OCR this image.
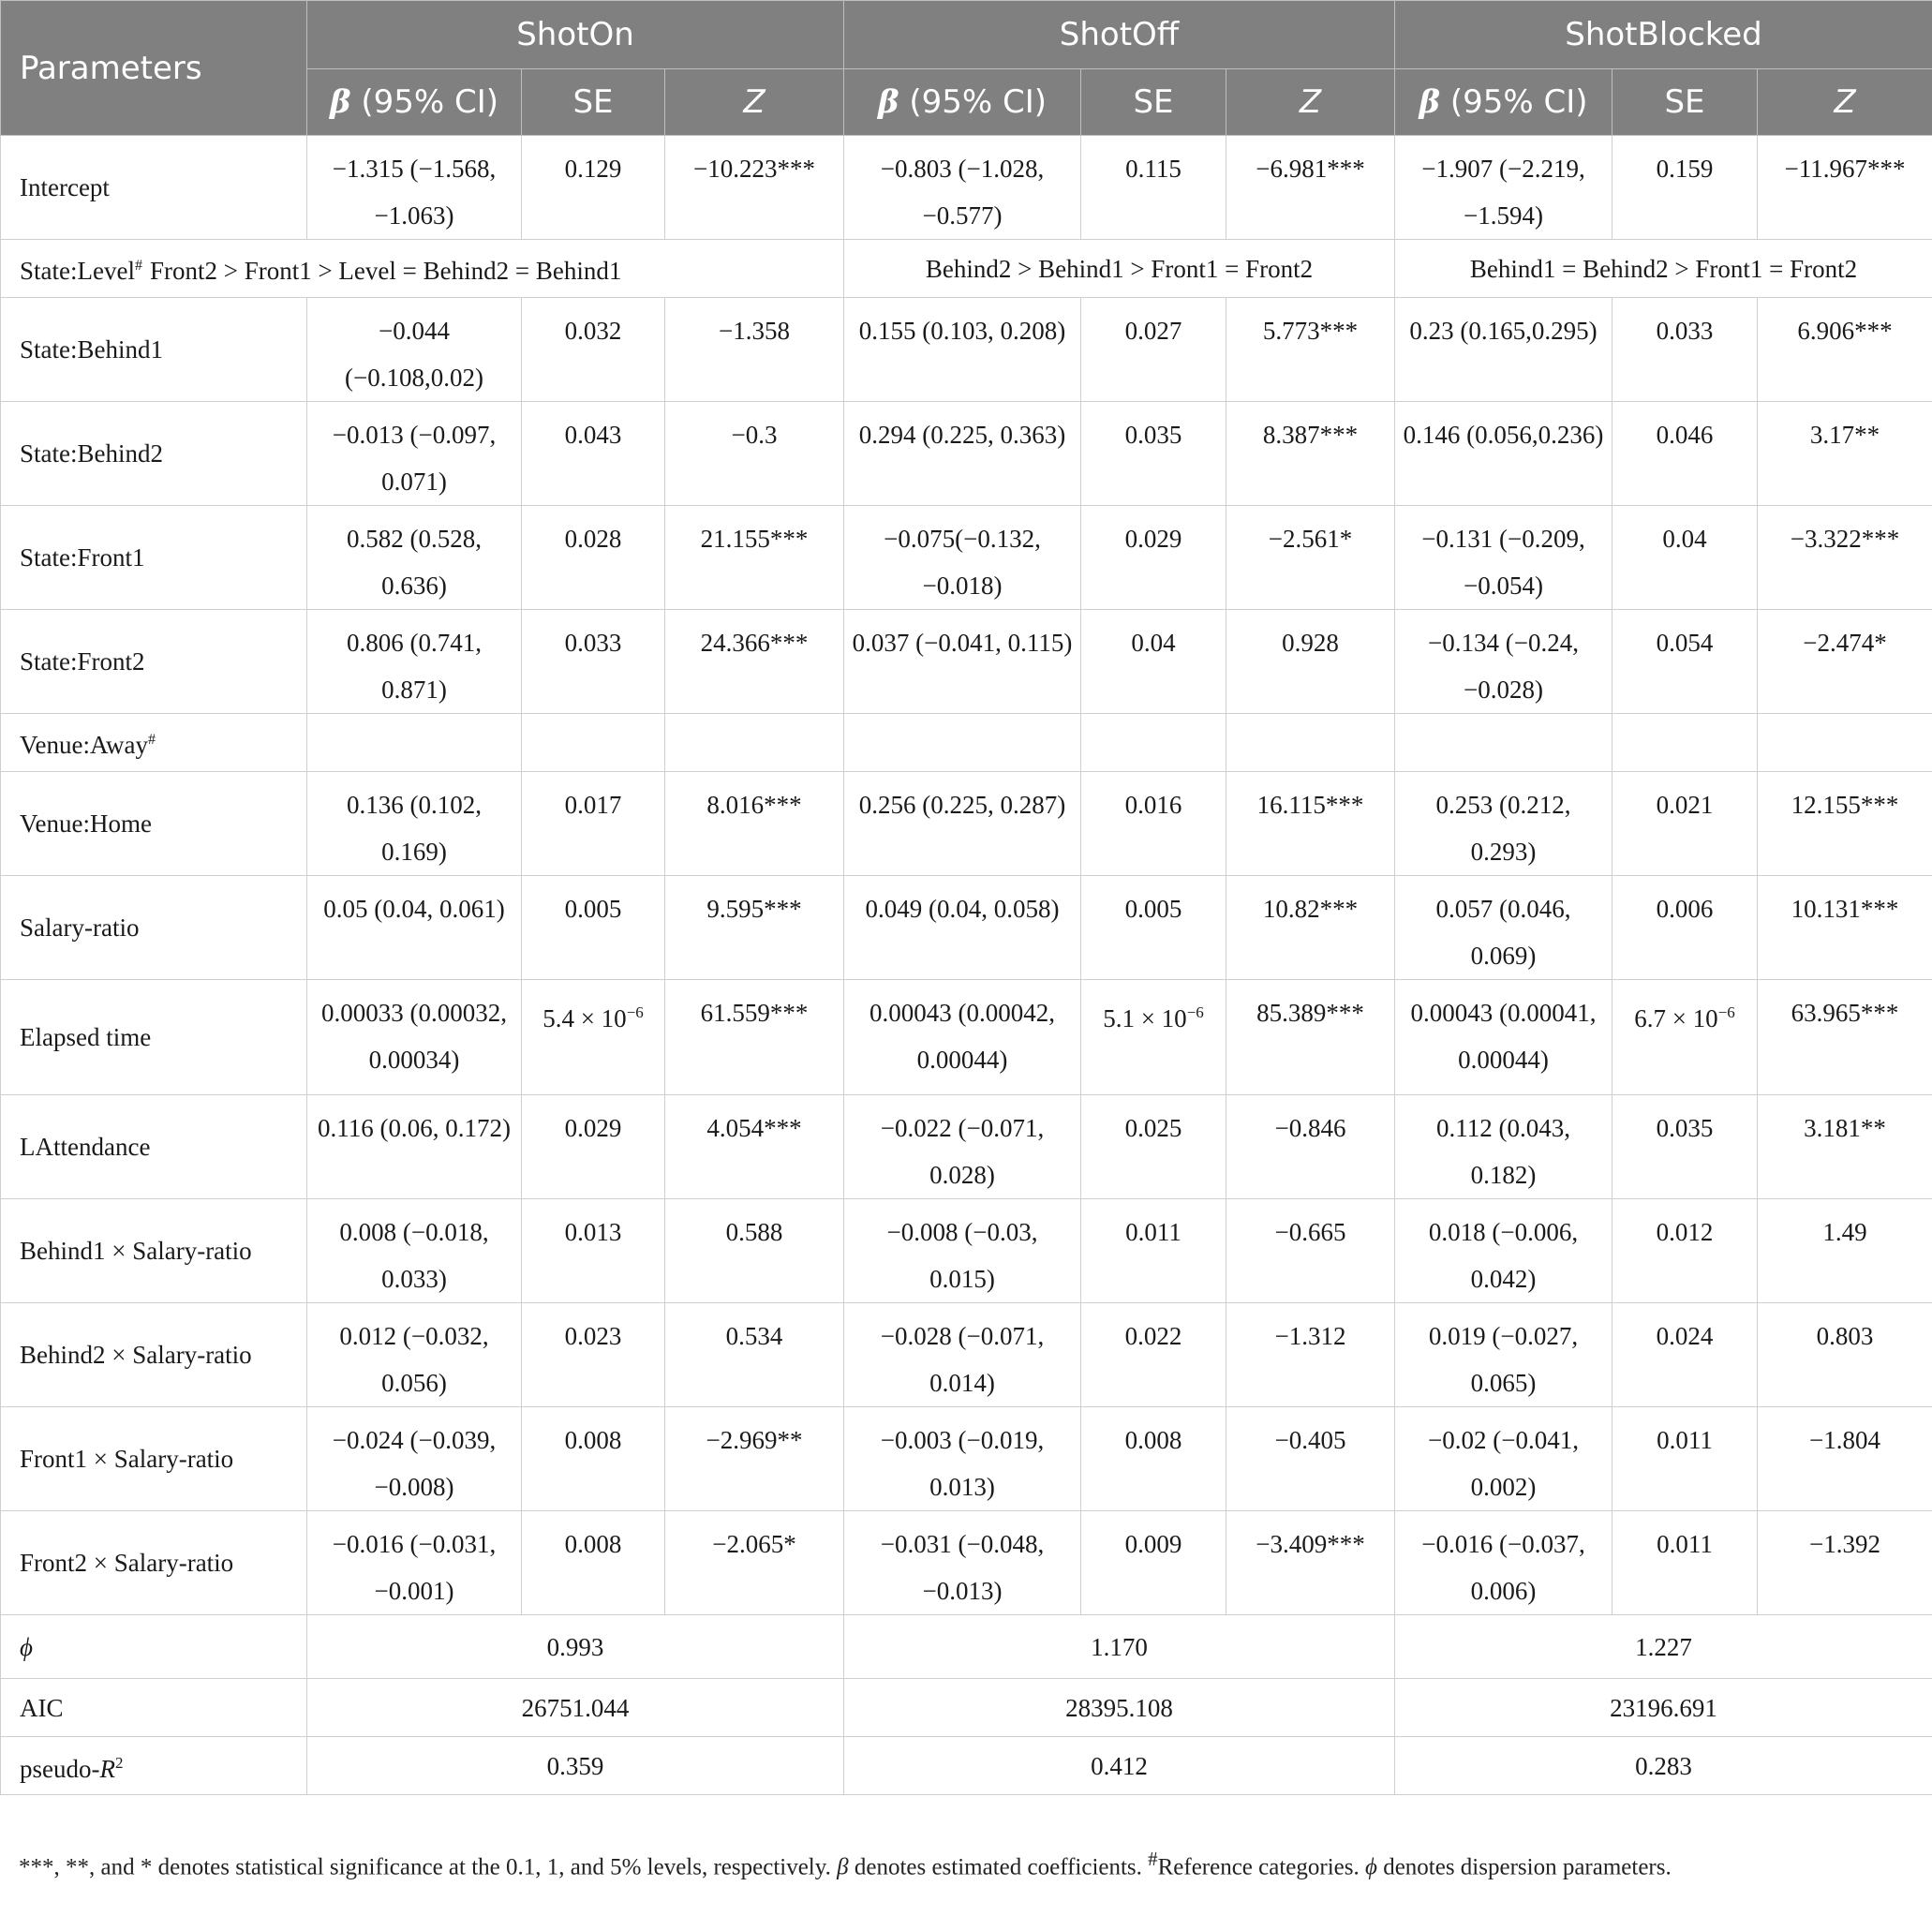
Parameters	ShotOn			ShotOff			ShotBlocked		
	β (95% CI)	SE	Z	β (95% CI)	SE	Z	β (95% CI)	SE	Z
Intercept	−1.315 (−1.568, −1.063)	0.129	−10.223***	−0.803 (−1.028, −0.577)	0.115	−6.981***	−1.907 (−2.219, −1.594)	0.159	−11.967***
State:Level# Front2 > Front1 > Level = Behind2 = Behind1				Behind2 > Behind1 > Front1 = Front2			Behind1 = Behind2 > Front1 = Front2		
State:Behind1	−0.044 (−0.108,0.02)	0.032	−1.358	0.155 (0.103, 0.208)	0.027	5.773***	0.23 (0.165,0.295)	0.033	6.906***
State:Behind2	−0.013 (−0.097, 0.071)	0.043	−0.3	0.294 (0.225, 0.363)	0.035	8.387***	0.146 (0.056,0.236)	0.046	3.17**
State:Front1	0.582 (0.528, 0.636)	0.028	21.155***	−0.075(−0.132, −0.018)	0.029	−2.561*	−0.131 (−0.209, −0.054)	0.04	−3.322***
State:Front2	0.806 (0.741, 0.871)	0.033	24.366***	0.037 (−0.041, 0.115)	0.04	0.928	−0.134 (−0.24, −0.028)	0.054	−2.474*
Venue:Away#									
Venue:Home	0.136 (0.102, 0.169)	0.017	8.016***	0.256 (0.225, 0.287)	0.016	16.115***	0.253 (0.212, 0.293)	0.021	12.155***
Salary-ratio	0.05 (0.04, 0.061)	0.005	9.595***	0.049 (0.04, 0.058)	0.005	10.82***	0.057 (0.046, 0.069)	0.006	10.131***
Elapsed time	0.00033 (0.00032, 0.00034)	$5.4 \times 10^{-6}$	61.559***	0.00043 (0.00042, 0.00044)	$5.1 \times 10^{-6}$	85.389***	0.00043 (0.00041, 0.00044)	$6.7 \times 10^{-6}$	63.965***
LAttendance	0.116 (0.06, 0.172)	0.029	4.054***	−0.022 (−0.071, 0.028)	0.025	−0.846	0.112 (0.043, 0.182)	0.035	3.181**
Behind1 × Salary-ratio	0.008 (−0.018, 0.033)	0.013	0.588	−0.008 (−0.03, 0.015)	0.011	−0.665	0.018 (−0.006, 0.042)	0.012	1.49
Behind2 × Salary-ratio	0.012 (−0.032, 0.056)	0.023	0.534	−0.028 (−0.071, 0.014)	0.022	−1.312	0.019 (−0.027, 0.065)	0.024	0.803
Front1 × Salary-ratio	−0.024 (−0.039, −0.008)	0.008	−2.969**	−0.003 (−0.019, 0.013)	0.008	−0.405	−0.02 (−0.041, 0.002)	0.011	−1.804
Front2 × Salary-ratio	−0.016 (−0.031, −0.001)	0.008	−2.065*	−0.031 (−0.048, −0.013)	0.009	−3.409***	−0.016 (−0.037, 0.006)	0.011	−1.392
ϕ	0.993			1.170			1.227		
AIC	26751.044			28395.108			23196.691		
pseudo-$R^2$	0.359			0.412			0.283		
***, **, and * denotes statistical significance at the 0.1, 1, and 5% levels, respectively. β denotes estimated coefficients. #Reference categories. ϕ denotes dispersion parameters.
